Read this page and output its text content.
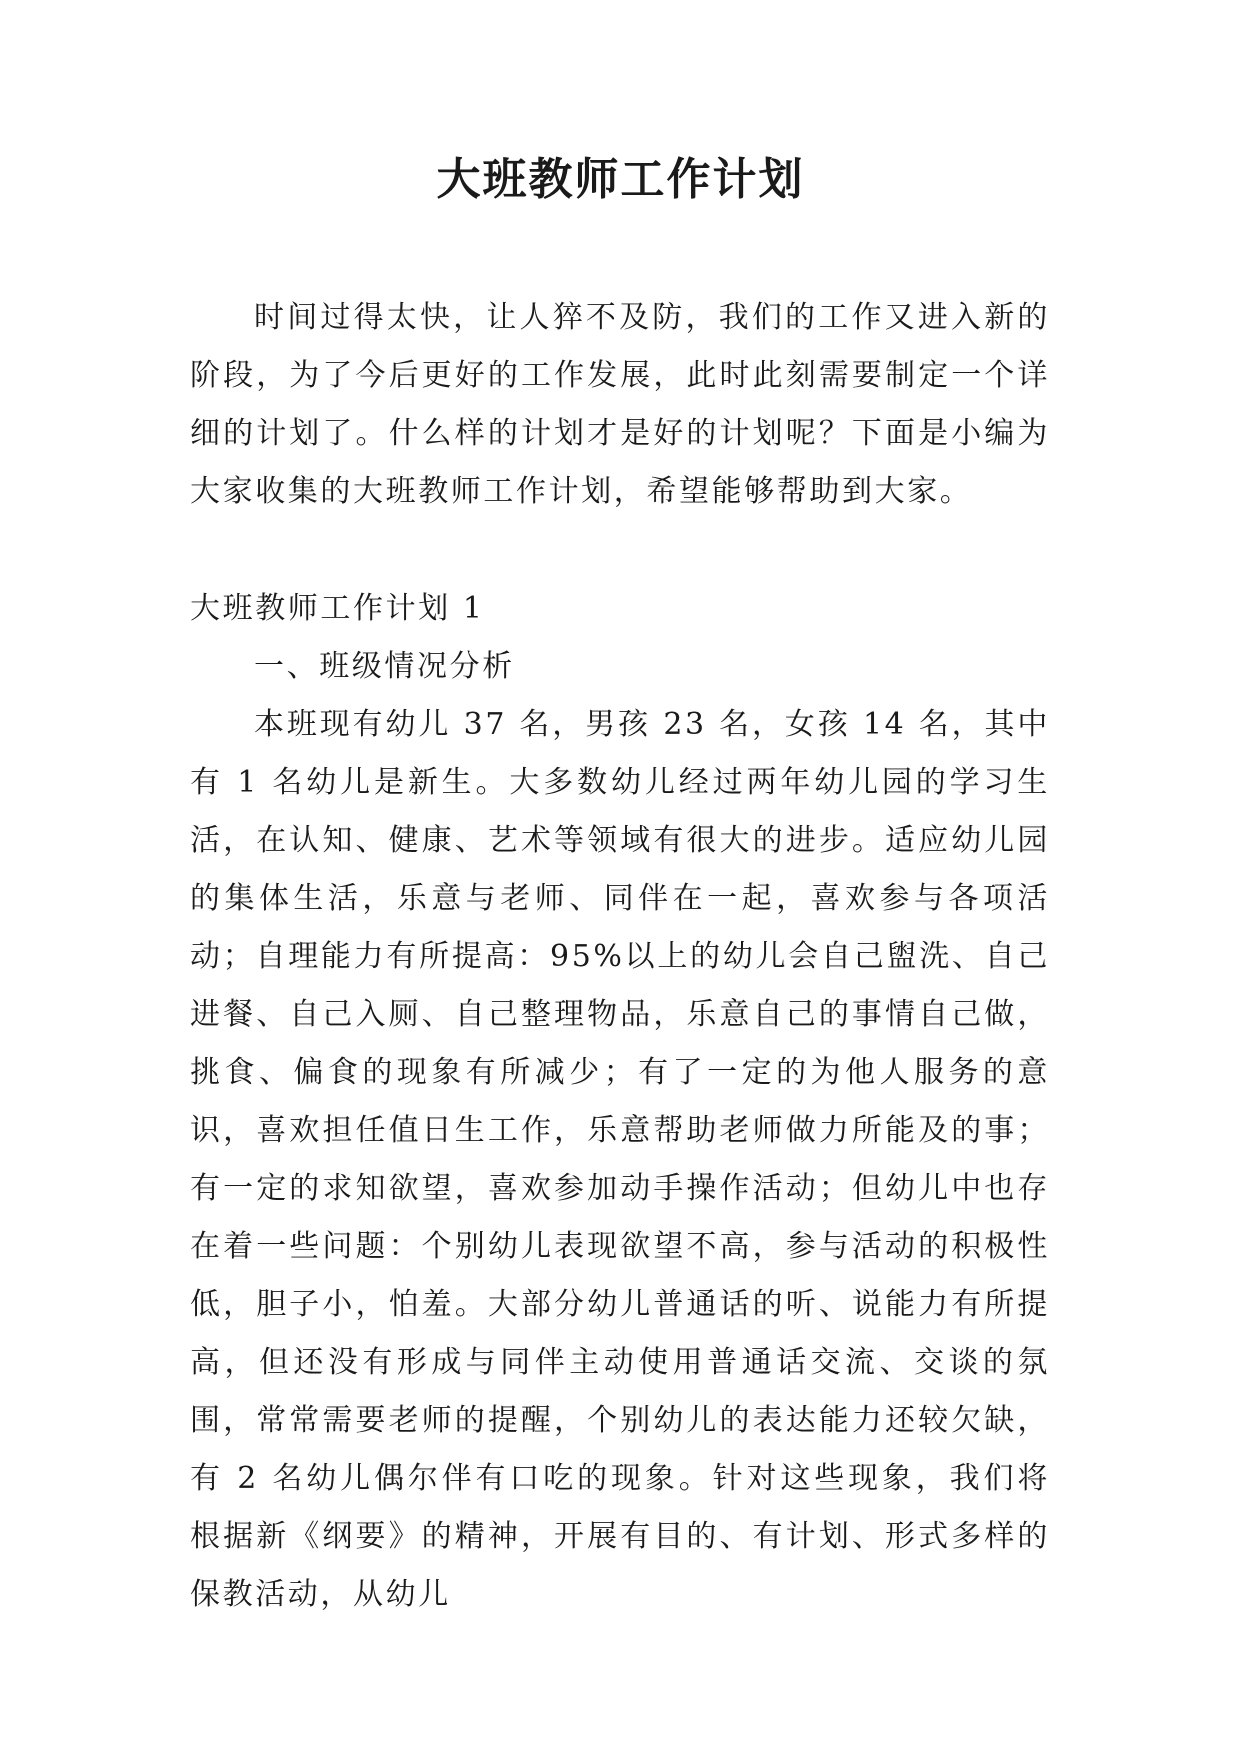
大班教师工作计划
时间过得太快，让人猝不及防，我们的工作又进入新的阶段，为了今后更好的工作发展，此时此刻需要制定一个详细的计划了。什么样的计划才是好的计划呢？下面是小编为大家收集的大班教师工作计划，希望能够帮助到大家。
大班教师工作计划 1
一、班级情况分析
本班现有幼儿 37 名，男孩 23 名，女孩 14 名，其中有 1 名幼儿是新生。大多数幼儿经过两年幼儿园的学习生活，在认知、健康、艺术等领域有很大的进步。适应幼儿园的集体生活，乐意与老师、同伴在一起，喜欢参与各项活动；自理能力有所提高：95%以上的幼儿会自己盥洗、自己进餐、自己入厕、自己整理物品，乐意自己的事情自己做，挑食、偏食的现象有所减少；有了一定的为他人服务的意识，喜欢担任值日生工作，乐意帮助老师做力所能及的事；有一定的求知欲望，喜欢参加动手操作活动；但幼儿中也存在着一些问题：个别幼儿表现欲望不高，参与活动的积极性低，胆子小，怕羞。大部分幼儿普通话的听、说能力有所提高，但还没有形成与同伴主动使用普通话交流、交谈的氛围，常常需要老师的提醒，个别幼儿的表达能力还较欠缺，有 2 名幼儿偶尔伴有口吃的现象。针对这些现象，我们将根据新《纲要》的精神，开展有目的、有计划、形式多样的保教活动，从幼儿
